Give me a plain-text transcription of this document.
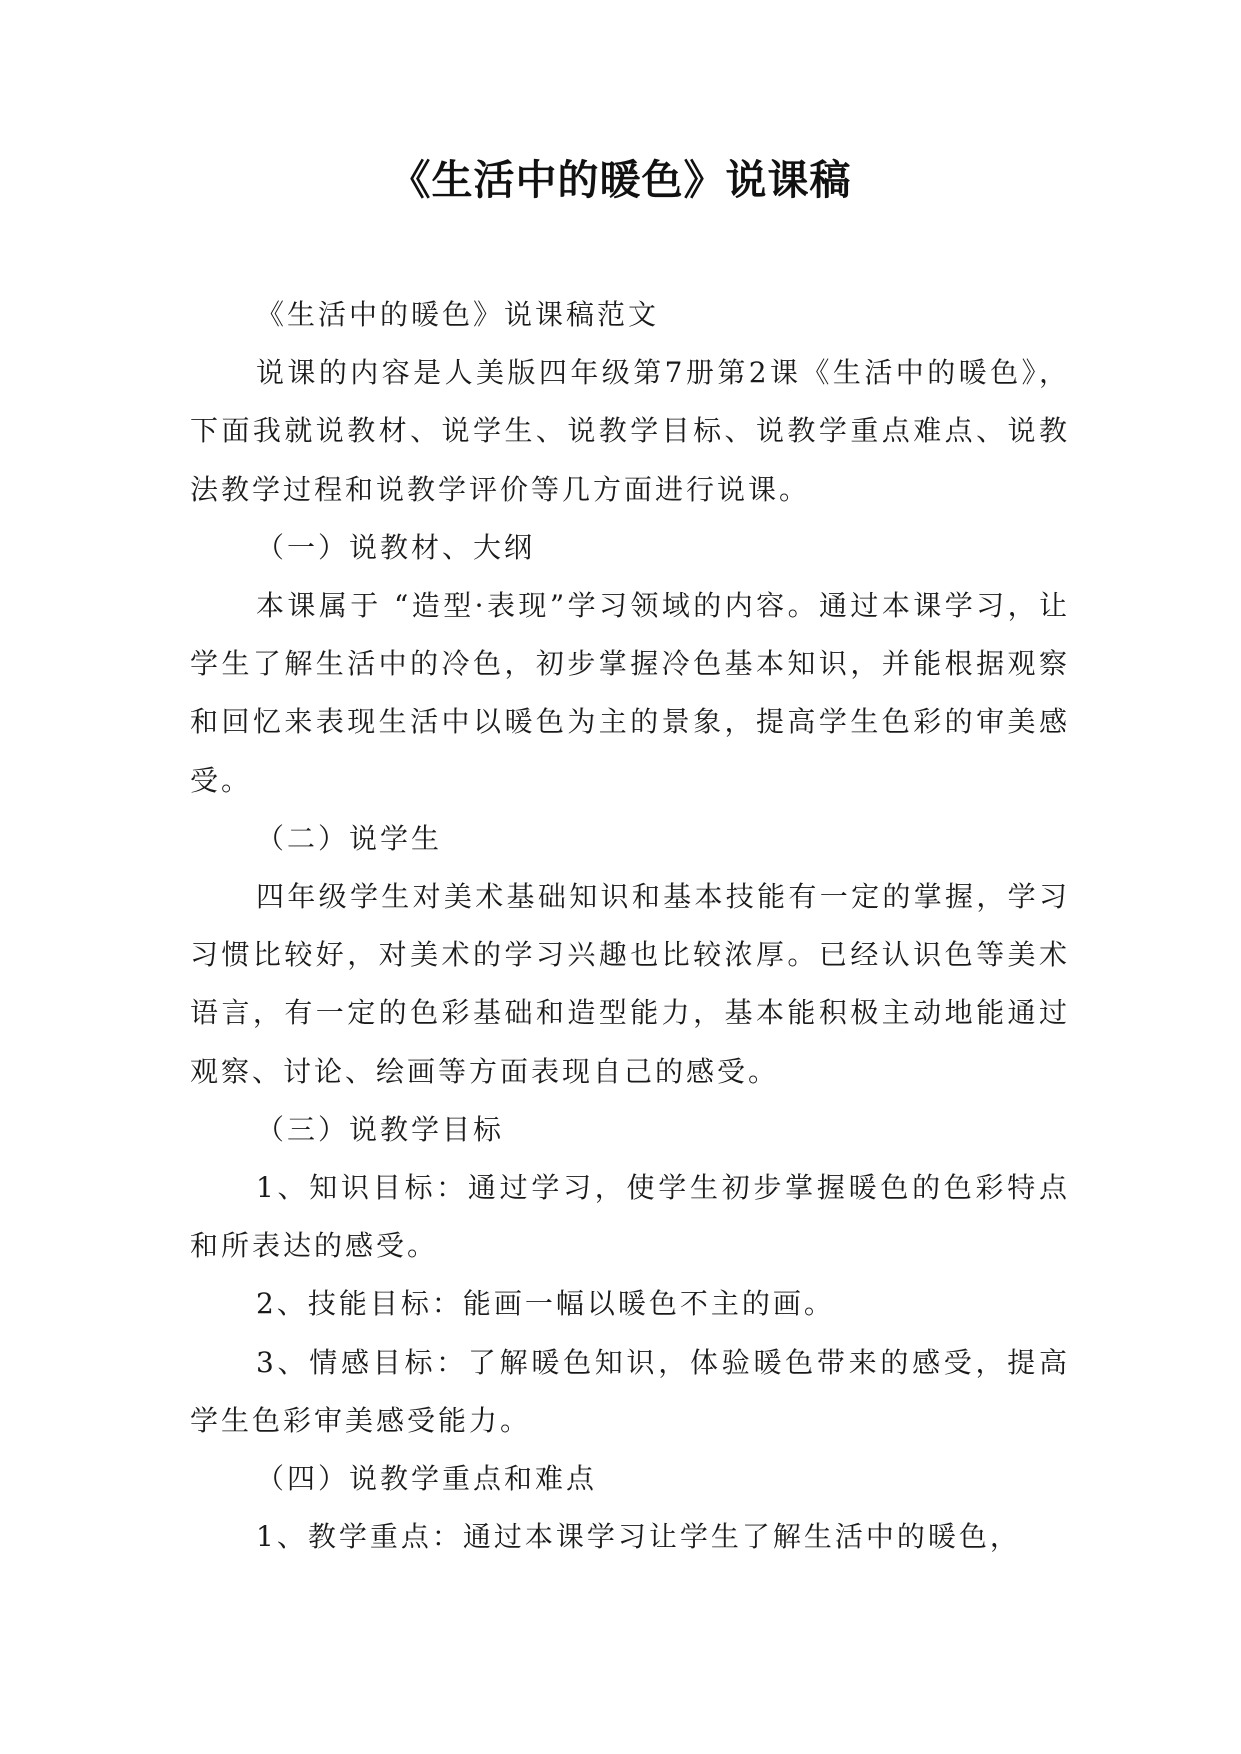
《生活中的暖色》说课稿

《生活中的暖色》说课稿范文

说课的内容是人美版四年级第7册第2课《生活中的暖色》，下面我就说教材、说学生、说教学目标、说教学重点难点、说教法教学过程和说教学评价等几方面进行说课。

（一）说教材、大纲

本课属于 “造型·表现”学习领域的内容。通过本课学习，让学生了解生活中的冷色，初步掌握冷色基本知识，并能根据观察和回忆来表现生活中以暖色为主的景象，提高学生色彩的审美感受。

（二）说学生

四年级学生对美术基础知识和基本技能有一定的掌握，学习习惯比较好，对美术的学习兴趣也比较浓厚。已经认识色等美术语言，有一定的色彩基础和造型能力，基本能积极主动地能通过观察、讨论、绘画等方面表现自己的感受。

（三）说教学目标

1、知识目标：通过学习，使学生初步掌握暖色的色彩特点和所表达的感受。

2、技能目标：能画一幅以暖色不主的画。

3、情感目标：了解暖色知识，体验暖色带来的感受，提高学生色彩审美感受能力。

（四）说教学重点和难点

1、教学重点：通过本课学习让学生了解生活中的暖色，
